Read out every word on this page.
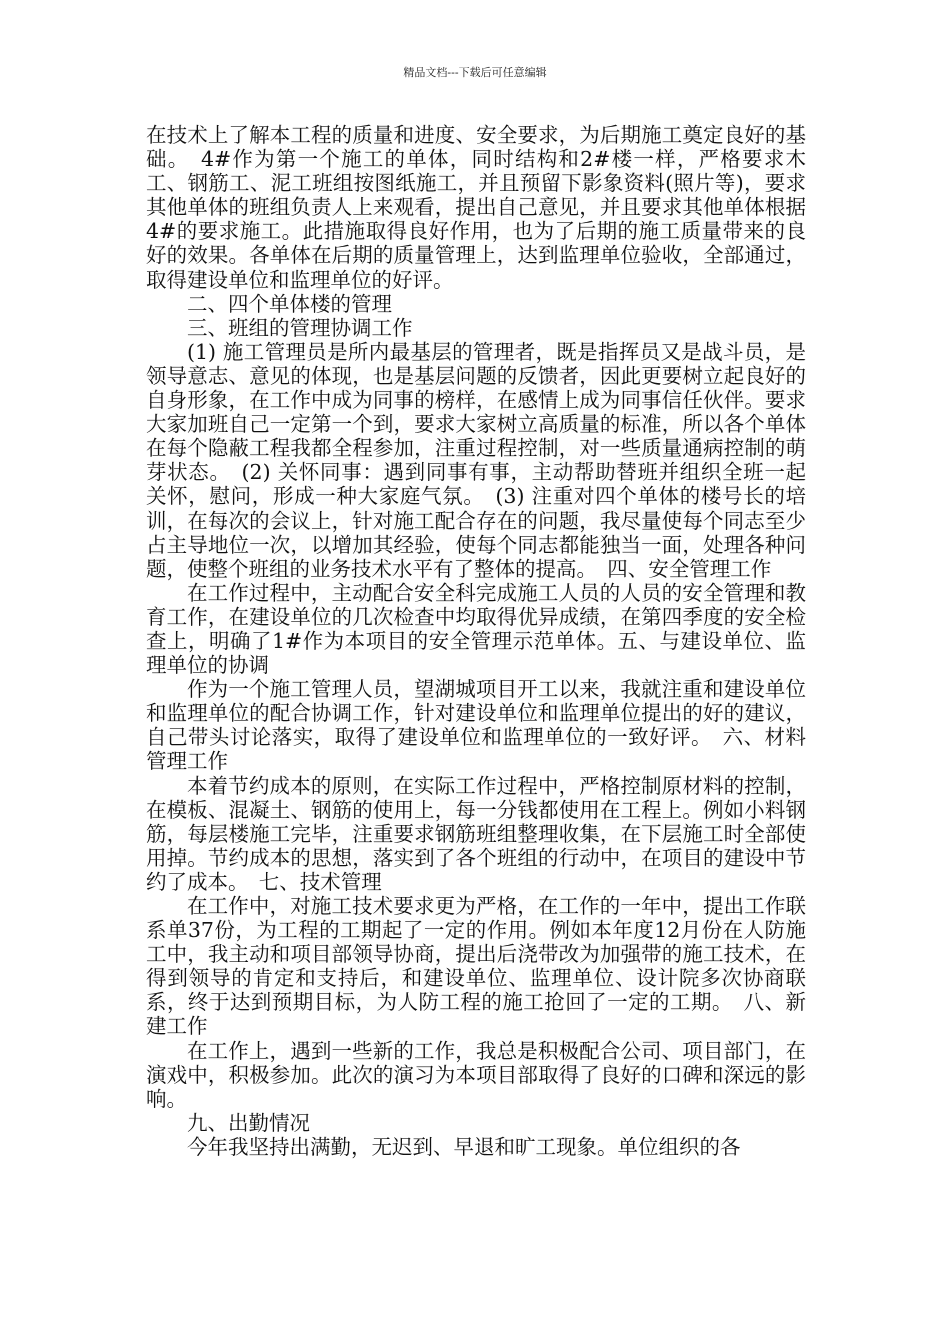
精品文档---下载后可任意编辑

在技术上了解本工程的质量和进度、安全要求，为后期施工奠定良好的基础。　4#作为第一个施工的单体，同时结构和2#楼一样，严格要求木工、钢筋工、泥工班组按图纸施工，并且预留下影象资料(照片等)，要求其他单体的班组负责人上来观看，提出自己意见，并且要求其他单体根据4#的要求施工。此措施取得良好作用，也为了后期的施工质量带来的良好的效果。各单体在后期的质量管理上，达到监理单位验收，全部通过，取得建设单位和监理单位的好评。

二、四个单体楼的管理

三、班组的管理协调工作

(1) 施工管理员是所内最基层的管理者，既是指挥员又是战斗员，是领导意志、意见的体现，也是基层问题的反馈者，因此更要树立起良好的自身形象，在工作中成为同事的榜样，在感情上成为同事信任伙伴。要求大家加班自己一定第一个到，要求大家树立高质量的标准，所以各个单体在每个隐蔽工程我都全程参加，注重过程控制，对一些质量通病控制的萌芽状态。　(2) 关怀同事：遇到同事有事，主动帮助替班并组织全班一起关怀，慰问，形成一种大家庭气氛。　(3) 注重对四个单体的楼号长的培训，在每次的会议上，针对施工配合存在的问题，我尽量使每个同志至少占主导地位一次，以增加其经验，使每个同志都能独当一面，处理各种问题，使整个班组的业务技术水平有了整体的提高。　四、安全管理工作

在工作过程中，主动配合安全科完成施工人员的人员的安全管理和教育工作，在建设单位的几次检查中均取得优异成绩，在第四季度的安全检查上，明确了1#作为本项目的安全管理示范单体。五、与建设单位、监理单位的协调

作为一个施工管理人员，望湖城项目开工以来，我就注重和建设单位和监理单位的配合协调工作，针对建设单位和监理单位提出的好的建议，自己带头讨论落实，取得了建设单位和监理单位的一致好评。　六、材料管理工作

本着节约成本的原则，在实际工作过程中，严格控制原材料的控制，在模板、混凝土、钢筋的使用上，每一分钱都使用在工程上。例如小料钢筋，每层楼施工完毕，注重要求钢筋班组整理收集，在下层施工时全部使用掉。节约成本的思想，落实到了各个班组的行动中，在项目的建设中节约了成本。　七、技术管理

在工作中，对施工技术要求更为严格，在工作的一年中，提出工作联系单37份，为工程的工期起了一定的作用。例如本年度12月份在人防施工中，我主动和项目部领导协商，提出后浇带改为加强带的施工技术，在得到领导的肯定和支持后，和建设单位、监理单位、设计院多次协商联系，终于达到预期目标，为人防工程的施工抢回了一定的工期。　八、新建工作

在工作上，遇到一些新的工作，我总是积极配合公司、项目部门，在演戏中，积极参加。此次的演习为本项目部取得了良好的口碑和深远的影响。

九、出勤情况

今年我坚持出满勤，无迟到、早退和旷工现象。单位组织的各
